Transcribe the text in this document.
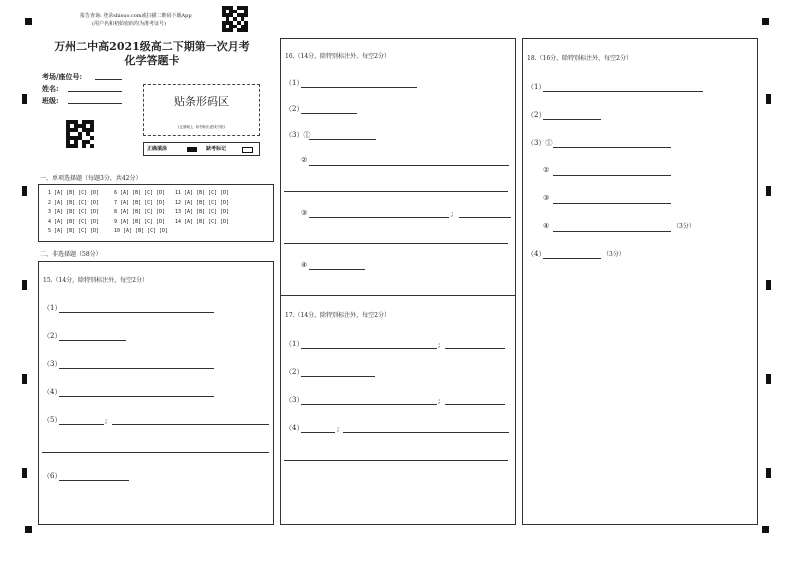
报告查询: 登录shisuo.com或扫描二维码下载App
(用户名和初始密码均为准考证号)
万州二中高2021级高二下期第一次月考
化学答题卡
考场/座位号:
姓名:
班级:	贴条形码区
(正面朝上, 切勿贴出虚线方框)
正确填涂	缺考标记
一、单项选择题（每题3分，共42分）
1 [A] [B] [C] [D]
2 [A] [B] [C] [D]
3 [A] [B] [C] [D]
4 [A] [B] [C] [D]
5 [A] [B] [C] [D]
6 [A] [B] [C] [D]
7 [A] [B] [C] [D]
8 [A] [B] [C] [D]
9 [A] [B] [C] [D]
10 [A] [B] [C] [D]
11 [A] [B] [C] [D]
12 [A] [B] [C] [D]
13 [A] [B] [C] [D]
14 [A] [B] [C] [D]
二、非选择题（58分）
15.（14分，除特别标注外，每空2分）
（1）
（2）
（3）
（4）
（5）	;
（6）
16.（14分，除特别标注外，每空2分）
（1）
（2）
（3）①
②
③	;
④
17.（14分，除特别标注外，每空2分）
（1）	;
（2）
（3）	;
（4）	;
18.（16分，除特别标注外，每空2分）
（1）
（2）
（3）①
②
③
④	（3分）
（4）	（3分）
